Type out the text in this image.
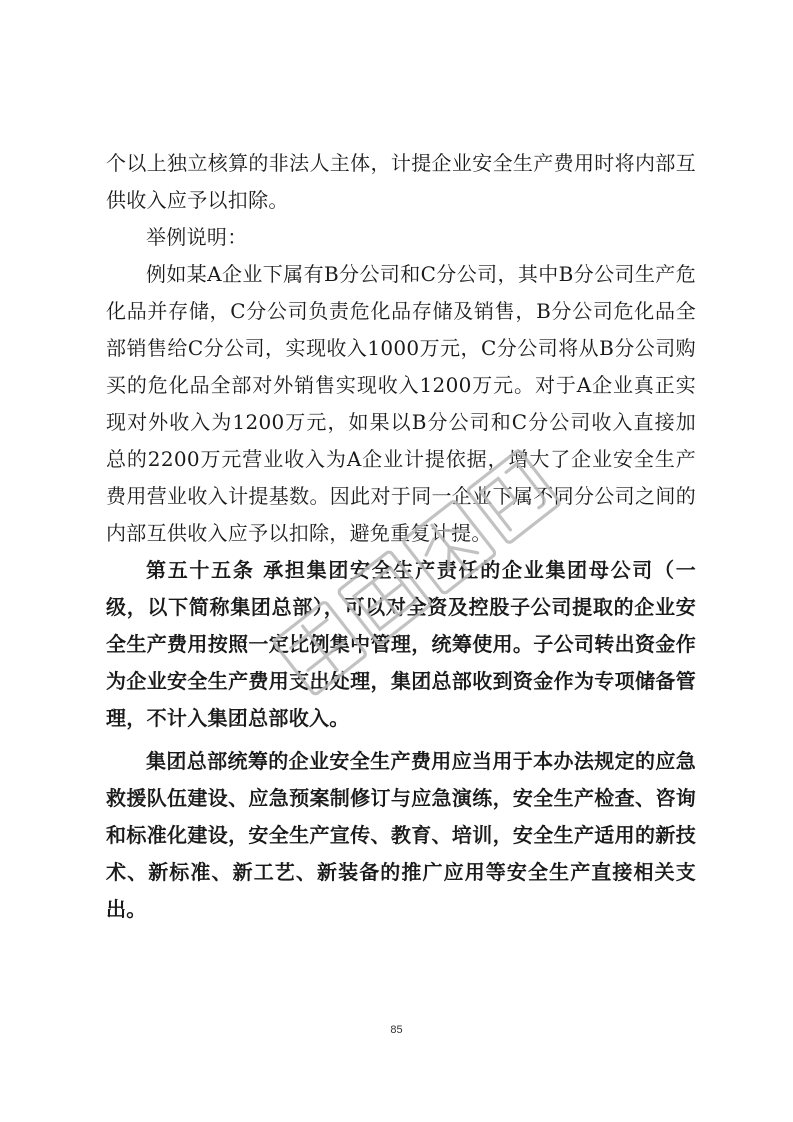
个以上独立核算的非法人主体，计提企业安全生产费用时将内部互供收入应予以扣除。

举例说明：

例如某A企业下属有B分公司和C分公司，其中B分公司生产危化品并存储，C分公司负责危化品存储及销售，B分公司危化品全部销售给C分公司，实现收入1000万元，C分公司将从B分公司购买的危化品全部对外销售实现收入1200万元。对于A企业真正实现对外收入为1200万元，如果以B分公司和C分公司收入直接加总的2200万元营业收入为A企业计提依据，增大了企业安全生产费用营业收入计提基数。因此对于同一企业下属不同分公司之间的内部互供收入应予以扣除，避免重复计提。

第五十五条 承担集团安全生产责任的企业集团母公司（一级，以下简称集团总部），可以对全资及控股子公司提取的企业安全生产费用按照一定比例集中管理，统筹使用。子公司转出资金作为企业安全生产费用支出处理，集团总部收到资金作为专项储备管理，不计入集团总部收入。

集团总部统筹的企业安全生产费用应当用于本办法规定的应急救援队伍建设、应急预案制修订与应急演练，安全生产检查、咨询和标准化建设，安全生产宣传、教育、培训，安全生产适用的新技术、新标准、新工艺、新装备的推广应用等安全生产直接相关支出。

85
